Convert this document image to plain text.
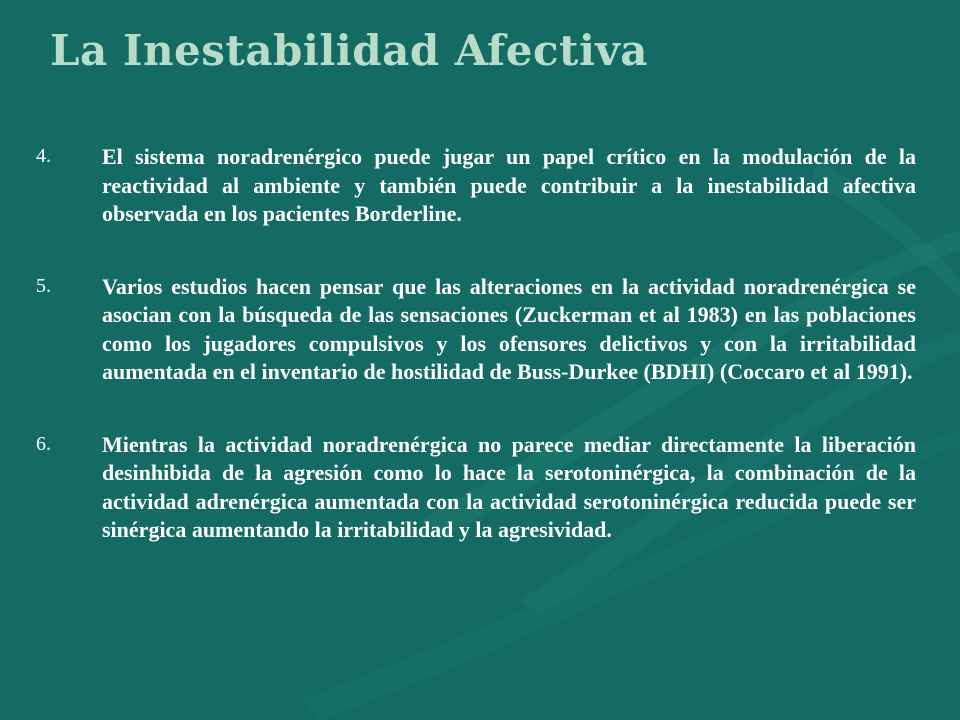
La Inestabilidad Afectiva
4. El sistema noradrenérgico puede jugar un papel crítico en la modulación de la reactividad al ambiente y también puede contribuir a la inestabilidad afectiva observada en los pacientes Borderline.
5. Varios estudios hacen pensar que las alteraciones en la actividad noradrenérgica se asocian con la búsqueda de las sensaciones (Zuckerman et al 1983) en las poblaciones como los jugadores compulsivos y los ofensores delictivos y con la irritabilidad aumentada en el inventario de hostilidad de Buss-Durkee (BDHI) (Coccaro et al 1991).
6. Mientras la actividad noradrenérgica no parece mediar directamente la liberación desinhibida de la agresión como lo hace la serotoninérgica, la combinación de la actividad adrenérgica aumentada con la actividad serotoninérgica reducida puede ser sinérgica aumentando la irritabilidad y la agresividad.
